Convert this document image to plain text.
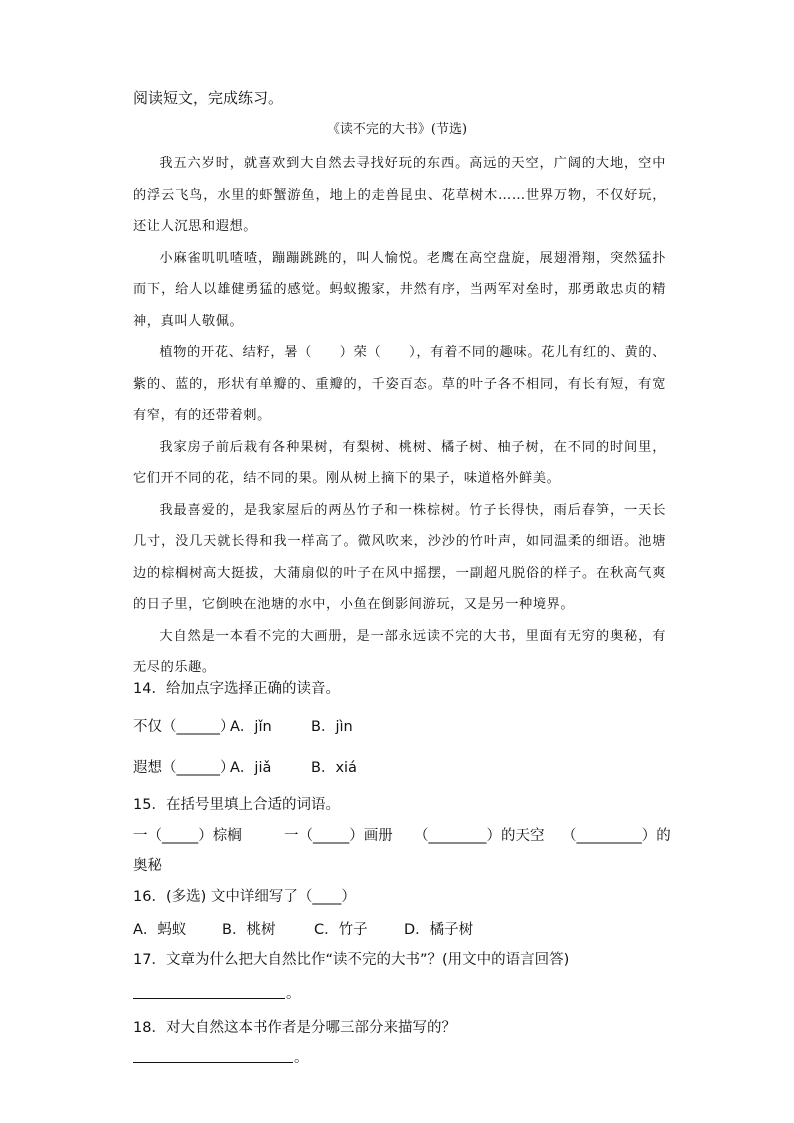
阅读短文，完成练习。
《读不完的大书》(节选)

我五六岁时，就喜欢到大自然去寻找好玩的东西。高远的天空，广阔的大地，空中的浮云飞鸟，水里的虾蟹游鱼，地上的走兽昆虫、花草树木……世界万物，不仅好玩，还让人沉思和遐想。

小麻雀叽叽喳喳，蹦蹦跳跳的，叫人愉悦。老鹰在高空盘旋，展翅滑翔，突然猛扑而下，给人以雄健勇猛的感觉。蚂蚁搬家，井然有序，当两军对垒时，那勇敢忠贞的精神，真叫人敬佩。

植物的开花、结籽，暑（　　）荣（　　），有着不同的趣味。花儿有红的、黄的、紫的、蓝的，形状有单瓣的、重瓣的，千姿百态。草的叶子各不相同，有长有短，有宽有窄，有的还带着刺。

我家房子前后栽有各种果树，有梨树、桃树、橘子树、柚子树，在不同的时间里，它们开不同的花，结不同的果。刚从树上摘下的果子，味道格外鲜美。

我最喜爱的，是我家屋后的两丛竹子和一株棕树。竹子长得快，雨后春笋，一天长几寸，没几天就长得和我一样高了。微风吹来，沙沙的竹叶声，如同温柔的细语。池塘边的棕榈树高大挺拔，大蒲扇似的叶子在风中摇摆，一副超凡脱俗的样子。在秋高气爽的日子里，它倒映在池塘的水中，小鱼在倒影间游玩，又是另一种境界。

大自然是一本看不完的大画册，是一部永远读不完的大书，里面有无穷的奥秘，有无尽的乐趣。

14．给加点字选择正确的读音。
不仅（______）
A．jǐn	B．jìn
遐想（______）
A．jiǎ	B．xiá
15．在括号里填上合适的词语。
一（_____）棕榈	一（_____）画册 （________）的天空 （_________）的
奥秘
16．(多选) 文中详细写了（____）
A．蚂蚁 B．桃树	C．竹子	D．橘子树
17．文章为什么把大自然比作“读不完的大书”？(用文中的语言回答)
。
18．对大自然这本书作者是分哪三部分来描写的？
。
